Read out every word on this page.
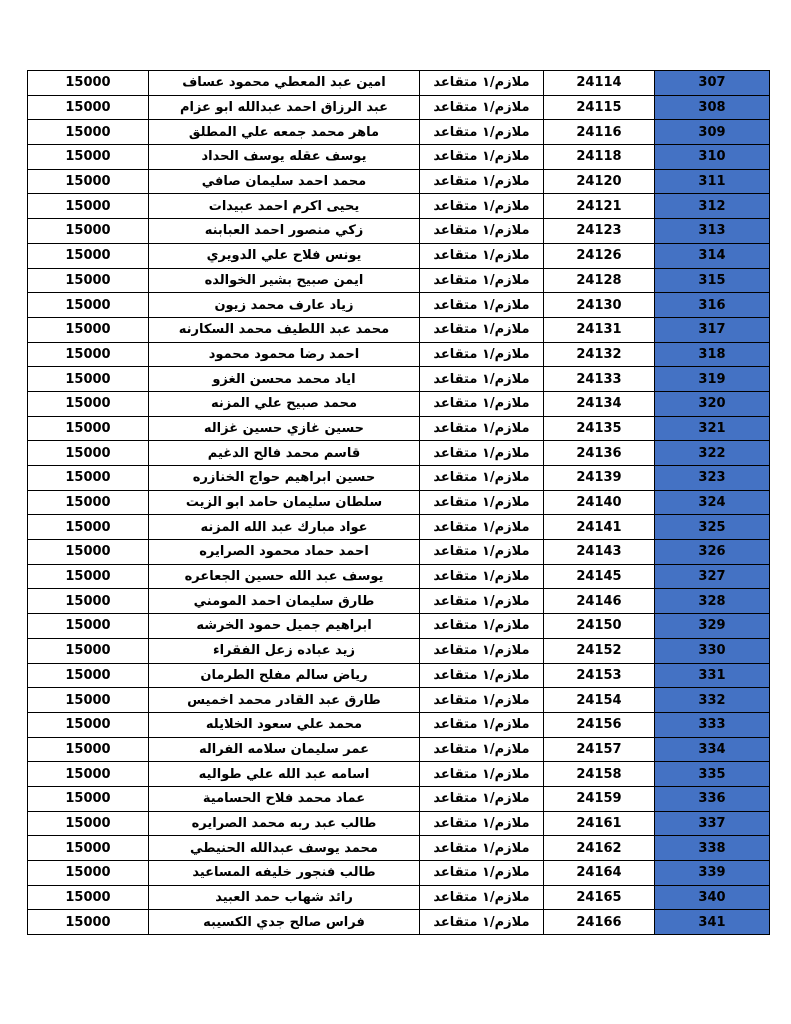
15000	امين عبد المعطي محمود عساف	ملازم/١ متقاعد	24114	307
15000	عبد الرزاق احمد عبدالله ابو عزام	ملازم/١ متقاعد	24115	308
15000	ماهر محمد جمعه علي المطلق	ملازم/١ متقاعد	24116	309
15000	يوسف عقله يوسف الحداد	ملازم/١ متقاعد	24118	310
15000	محمد احمد سليمان صافي	ملازم/١ متقاعد	24120	311
15000	يحيى اكرم احمد عبيدات	ملازم/١ متقاعد	24121	312
15000	زكي منصور احمد العبابنه	ملازم/١ متقاعد	24123	313
15000	يونس فلاح علي الدويري	ملازم/١ متقاعد	24126	314
15000	ايمن صبيح بشير الخوالده	ملازم/١ متقاعد	24128	315
15000	زياد عارف محمد زيون	ملازم/١ متقاعد	24130	316
15000	محمد عبد اللطيف محمد السكارنه	ملازم/١ متقاعد	24131	317
15000	احمد رضا محمود محمود	ملازم/١ متقاعد	24132	318
15000	اياد محمد محسن الغزو	ملازم/١ متقاعد	24133	319
15000	محمد صبيح علي المزنه	ملازم/١ متقاعد	24134	320
15000	حسين غازي حسين غزاله	ملازم/١ متقاعد	24135	321
15000	قاسم محمد فالح الدغيم	ملازم/١ متقاعد	24136	322
15000	حسين ابراهيم حواج الخنازره	ملازم/١ متقاعد	24139	323
15000	سلطان سليمان حامد ابو الزيت	ملازم/١ متقاعد	24140	324
15000	عواد مبارك عبد الله المزنه	ملازم/١ متقاعد	24141	325
15000	احمد حماد محمود الصرايره	ملازم/١ متقاعد	24143	326
15000	يوسف عبد الله حسين الجعاعره	ملازم/١ متقاعد	24145	327
15000	طارق سليمان احمد المومني	ملازم/١ متقاعد	24146	328
15000	ابراهيم جميل حمود الخرشه	ملازم/١ متقاعد	24150	329
15000	زيد عباده زعل الفقراء	ملازم/١ متقاعد	24152	330
15000	رياض سالم مفلح الطرمان	ملازم/١ متقاعد	24153	331
15000	طارق عبد القادر محمد اخميس	ملازم/١ متقاعد	24154	332
15000	محمد علي سعود الخلايله	ملازم/١ متقاعد	24156	333
15000	عمر سليمان سلامه الفراله	ملازم/١ متقاعد	24157	334
15000	اسامه عبد الله علي طواليه	ملازم/١ متقاعد	24158	335
15000	عماد محمد فلاح الحسامية	ملازم/١ متقاعد	24159	336
15000	طالب عبد ربه محمد الصرايره	ملازم/١ متقاعد	24161	337
15000	محمد يوسف عبدالله الحنيطي	ملازم/١ متقاعد	24162	338
15000	طالب فنجور خليفه المساعيد	ملازم/١ متقاعد	24164	339
15000	رائد شهاب حمد العبيد	ملازم/١ متقاعد	24165	340
15000	فراس صالح جدي الكسيبه	ملازم/١ متقاعد	24166	341
